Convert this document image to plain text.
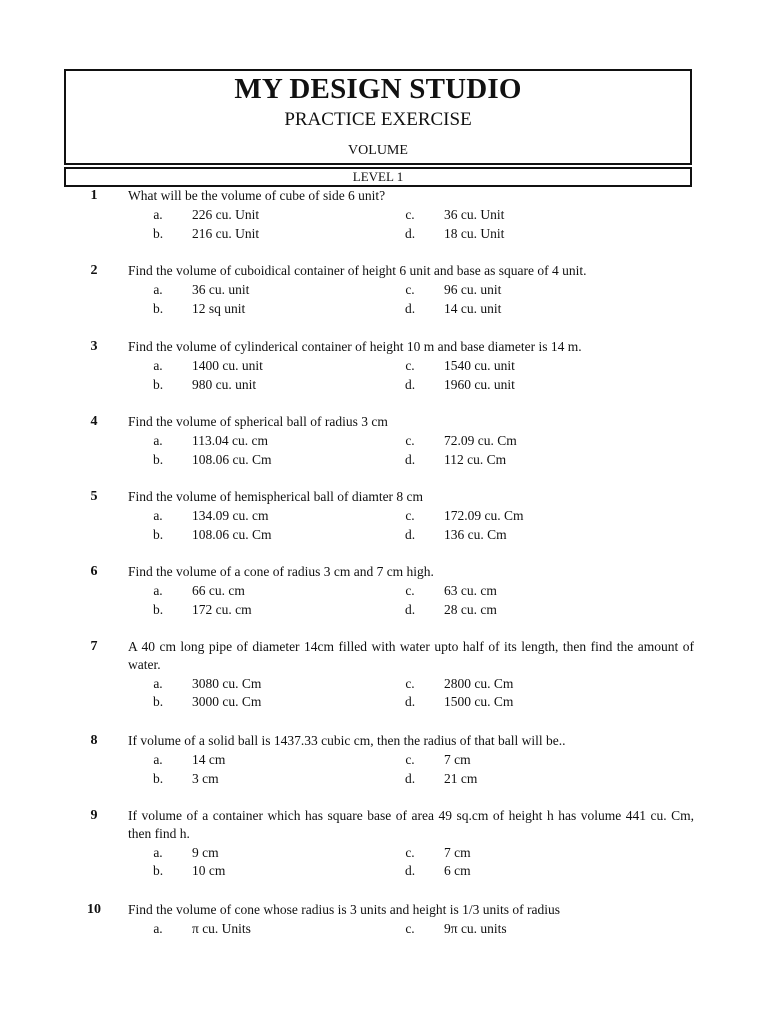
MY DESIGN STUDIO
PRACTICE EXERCISE
VOLUME
LEVEL 1
1	What will be the volume of cube of side 6 unit?
a.	226 cu. Unit	c.	36 cu. Unit
b.	216 cu. Unit	d.	18 cu. Unit
2	Find the volume of cuboidical container of height 6 unit and base as square of 4 unit.
a.	36 cu. unit	c.	96 cu. unit
b.	12 sq unit	d.	14 cu. unit
3	Find the volume of cylinderical container of height 10 m and base diameter is 14 m.
a.	1400 cu. unit	c.	1540 cu. unit
b.	980 cu. unit	d.	1960 cu. unit
4	Find the volume of spherical ball of radius 3 cm
a.	113.04 cu. cm	c.	72.09 cu. Cm
b.	108.06 cu. Cm	d.	112 cu. Cm
5	Find the volume of hemispherical ball of diamter 8 cm
a.	134.09 cu. cm	c.	172.09 cu. Cm
b.	108.06 cu. Cm	d.	136 cu. Cm
6	Find the volume of a cone of radius 3 cm and 7 cm high.
a.	66 cu. cm	c.	63 cu. cm
b.	172 cu. cm	d.	28 cu. cm
7	A 40 cm long pipe of diameter 14cm filled with water upto half of its length, then find the amount of water.
a.	3080 cu. Cm	c.	2800 cu. Cm
b.	3000 cu. Cm	d.	1500 cu. Cm
8	If volume of a solid ball is 1437.33 cubic cm, then the radius of that ball will be..
a.	14 cm	c.	7 cm
b.	3 cm	d.	21 cm
9	If volume of a container which has square base of area 49 sq.cm of height h has volume 441 cu. Cm, then find h.
a.	9 cm	c.	7 cm
b.	10 cm	d.	6 cm
10	Find the volume of cone whose radius is 3 units and height is 1/3 units of radius
a.	π cu. Units	c.	9π cu. units
